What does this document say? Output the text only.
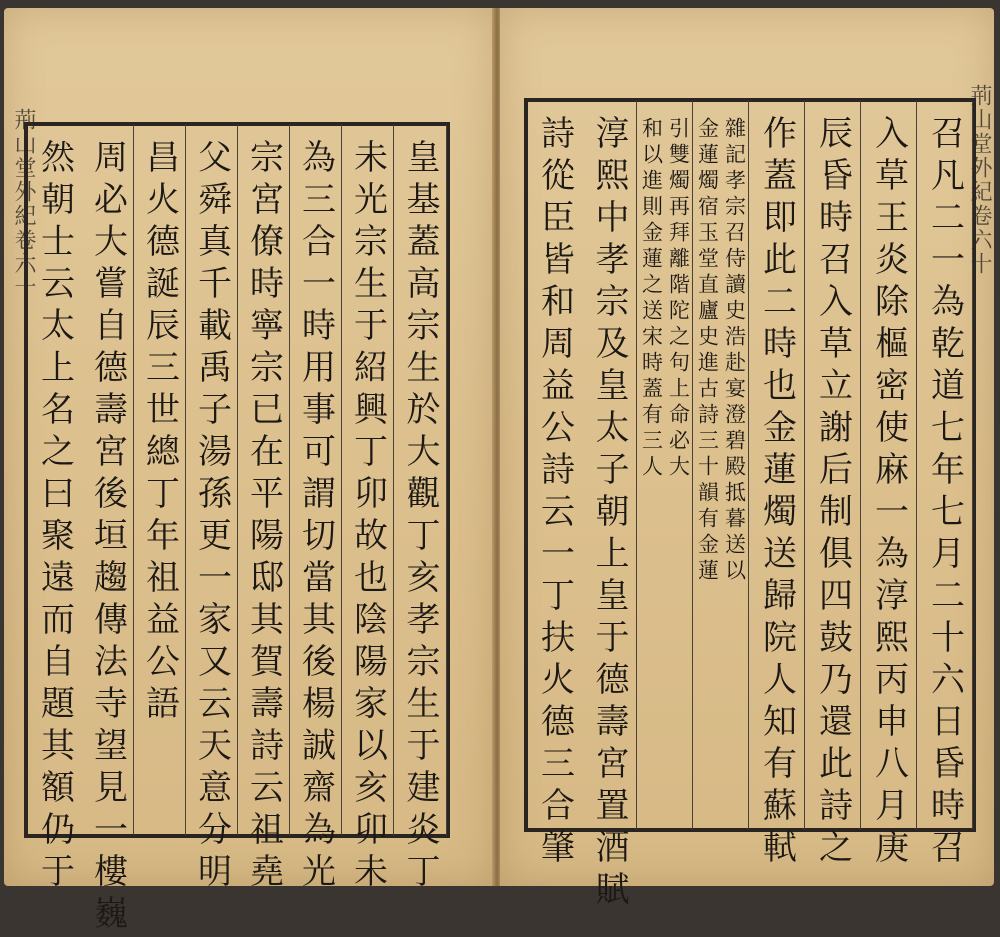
荊山堂外紀卷六十	荊山堂外紀卷六十
皇基蓋高宗生於大觀丁亥孝宗生于建炎丁
未光宗生于紹興丁卯故也陰陽家以亥卯未
為三合一時用事可謂切當其後楊誠齋為光
宗宮僚時寧宗已在平陽邸其賀壽詩云祖堯
父舜真千載禹子湯孫更一家又云天意分明
昌火德誕辰三世總丁年祖益公語
周必大嘗自德壽宮後垣趨傳法寺望見一樓巍
然朝士云太上名之曰聚遠而自題其額仍于	召凡二一為乾道七年七月二十六日昏時召
入草王炎除樞密使麻一為淳熙丙申八月庚
辰昏時召入草立謝后制俱四鼓乃還此詩之
作蓋即此二時也金蓮燭送歸院人知有蘇軾
雜記孝宗召侍讀史浩赴宴澄碧殿抵暮送以
金蓮燭宿玉堂直廬史進古詩三十韻有金蓮
引雙燭再拜離階陀之句上命必大
和以進則金蓮之送宋時蓋有三人
淳熙中孝宗及皇太子朝上皇于德壽宮置酒賦
詩從臣皆和周益公詩云一丁扶火德三合肇
